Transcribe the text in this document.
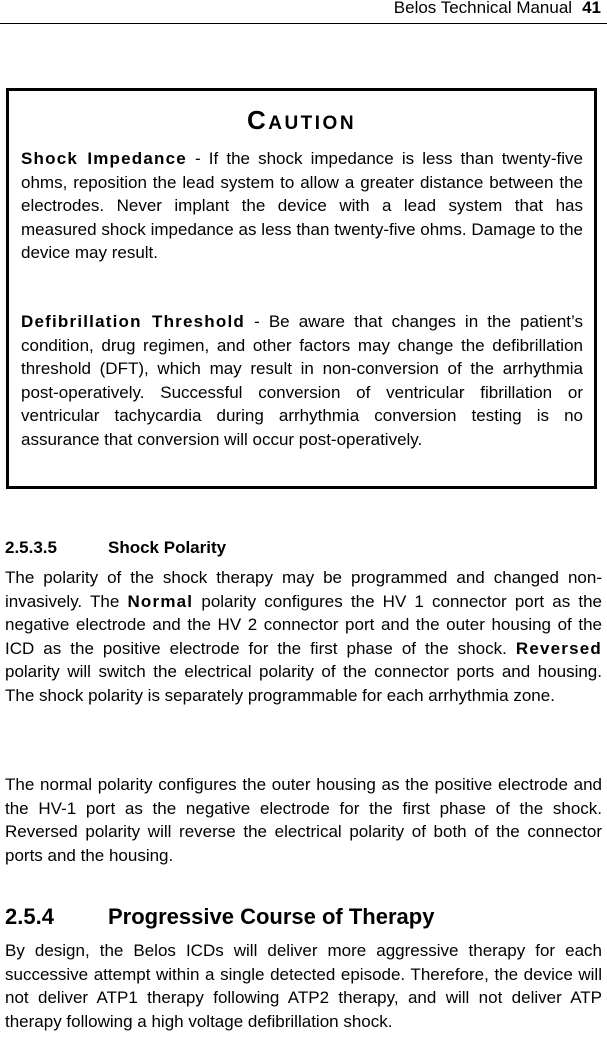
Belos Technical Manual 41
CAUTION

Shock Impedance - If the shock impedance is less than twenty-five ohms, reposition the lead system to allow a greater distance between the electrodes. Never implant the device with a lead system that has measured shock impedance as less than twenty-five ohms. Damage to the device may result.

Defibrillation Threshold - Be aware that changes in the patient’s condition, drug regimen, and other factors may change the defibrillation threshold (DFT), which may result in non-conversion of the arrhythmia post-operatively. Successful conversion of ventricular fibrillation or ventricular tachycardia during arrhythmia conversion testing is no assurance that conversion will occur post-operatively.

2.5.3.5	Shock Polarity

The polarity of the shock therapy may be programmed and changed non-invasively. The Normal polarity configures the HV 1 connector port as the negative electrode and the HV 2 connector port and the outer housing of the ICD as the positive electrode for the first phase of the shock. Reversed polarity will switch the electrical polarity of the connector ports and housing. The shock polarity is separately programmable for each arrhythmia zone.

The normal polarity configures the outer housing as the positive electrode and the HV-1 port as the negative electrode for the first phase of the shock. Reversed polarity will reverse the electrical polarity of both of the connector ports and the housing.

2.5.4 Progressive Course of Therapy

By design, the Belos ICDs will deliver more aggressive therapy for each successive attempt within a single detected episode. Therefore, the device will not deliver ATP1 therapy following ATP2 therapy, and will not deliver ATP therapy following a high voltage defibrillation shock.
